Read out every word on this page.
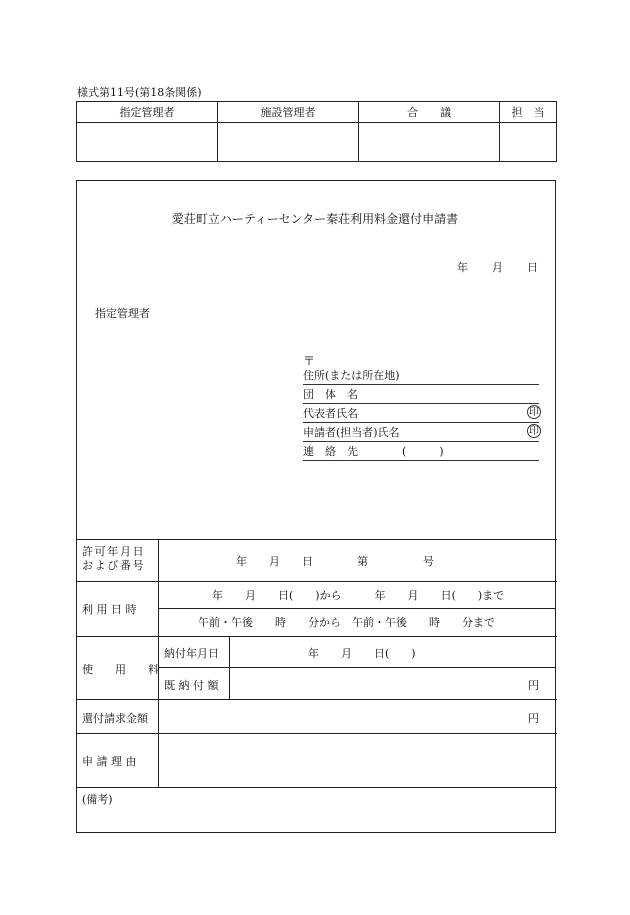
様式第11号(第18条関係)
指定管理者	施設管理者	合　　議	担　当

愛荘町立ハーティーセンター秦荘利用料金還付申請書
年 月 日
指定管理者
〒
住所(または所在地)
団　体　名
代表者氏名	印
申請者(担当者)氏名	印
連　絡　先　　　　(　　　)
許可年月日
および番号	年　　月　　日　　　　第　　　　　号
利 用 日 時
年　　月　　日(　　)から　　　年　　月　　日(　　)まで
午前・午後　　時　　分から　午前・午後　　時　　分まで
使　　用　　料
納付年月日	年　　月　　日(　　)
既 納 付 額	円
還付請求金額	円
申 請 理 由
(備考)
